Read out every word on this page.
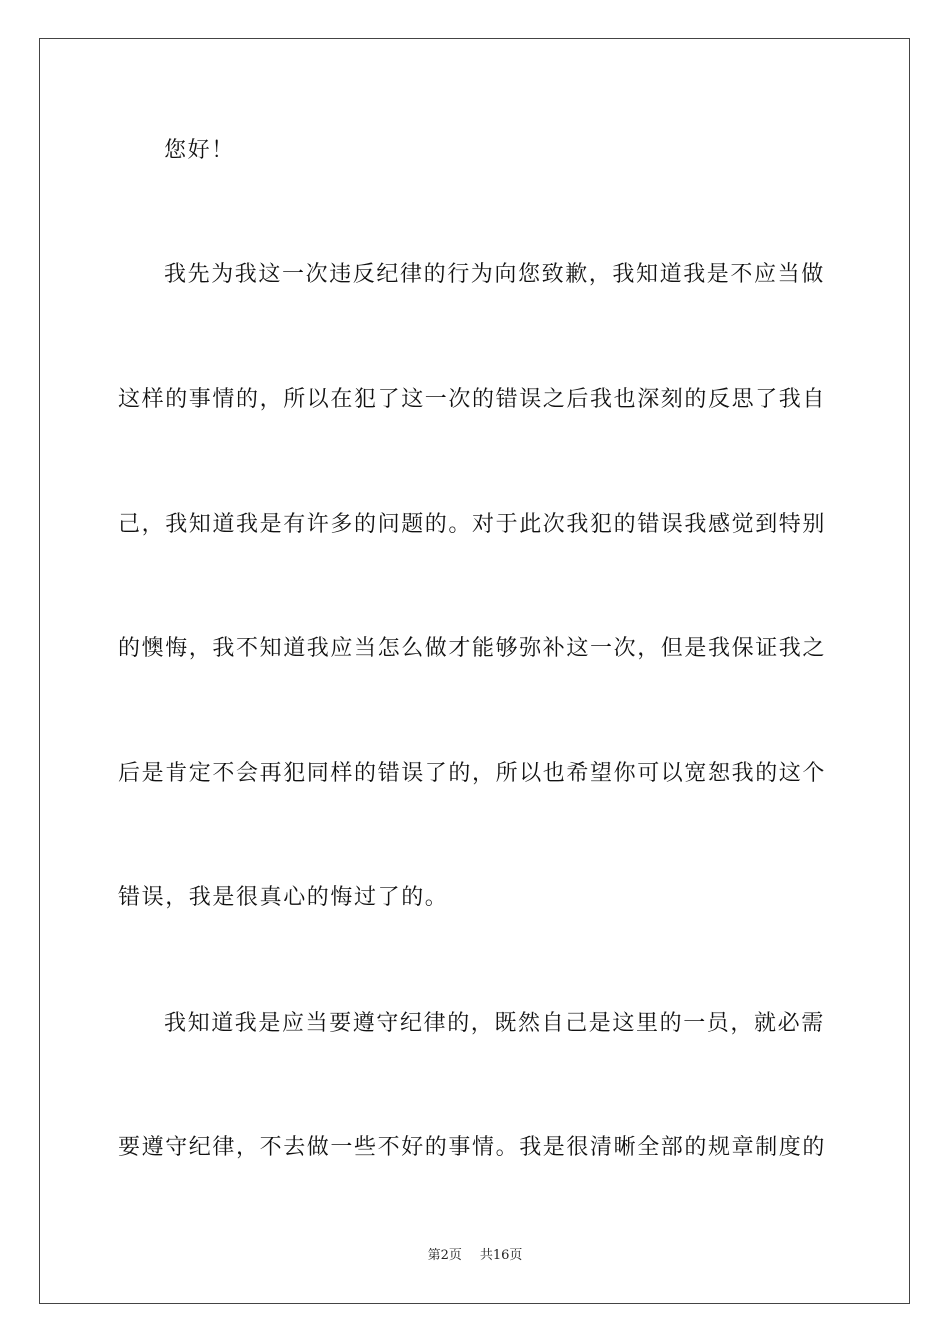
您好！
我先为我这一次违反纪律的行为向您致歉，我知道我是不应当做
这样的事情的，所以在犯了这一次的错误之后我也深刻的反思了我自
己，我知道我是有许多的问题的。对于此次我犯的错误我感觉到特别
的懊悔，我不知道我应当怎么做才能够弥补这一次，但是我保证我之
后是肯定不会再犯同样的错误了的，所以也希望你可以宽恕我的这个
错误，我是很真心的悔过了的。
我知道我是应当要遵守纪律的，既然自己是这里的一员，就必需
要遵守纪律，不去做一些不好的事情。我是很清晰全部的规章制度的
第2页 共16页
